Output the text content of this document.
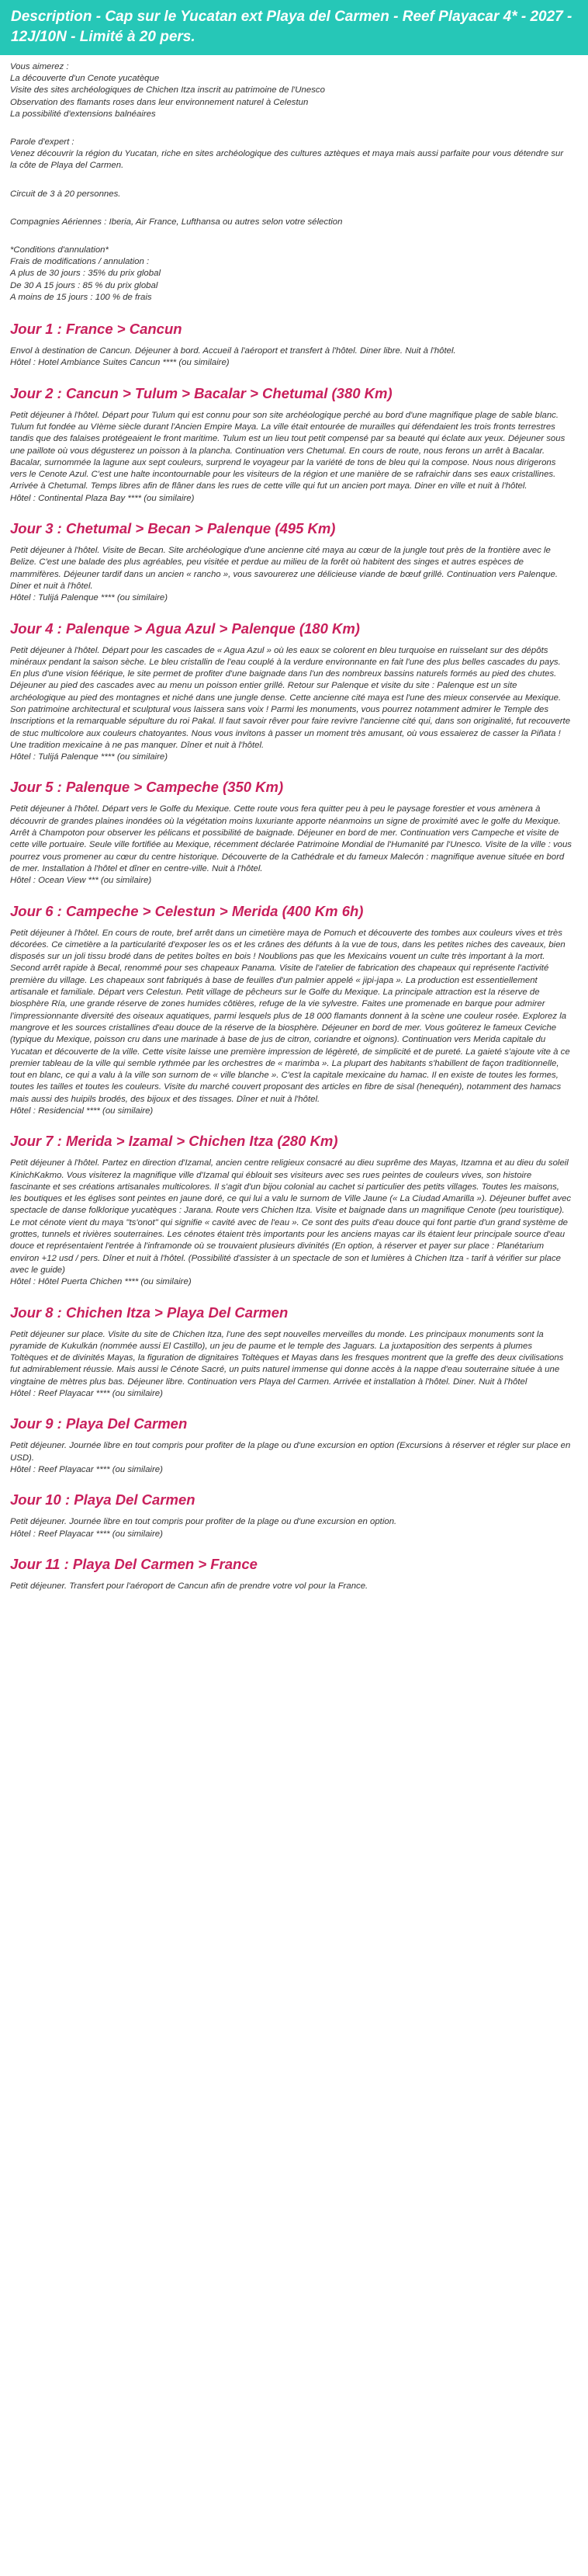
Description - Cap sur le Yucatan ext Playa del Carmen - Reef Playacar 4* - 2027 - 12J/10N - Limité à 20 pers.
Vous aimerez :
La découverte d'un Cenote yucatèque
Visite des sites archéologiques de Chichen Itza inscrit au patrimoine de l'Unesco
Observation des flamants roses dans leur environnement naturel à Celestun
La possibilité d'extensions balnéaires
Parole d'expert :
Venez découvrir la région du Yucatan, riche en sites archéologique des cultures aztèques et maya mais aussi parfaite pour vous détendre sur la côte de Playa del Carmen.
Circuit de 3 à 20 personnes.
Compagnies Aériennes : Iberia, Air France, Lufthansa ou autres selon votre sélection
*Conditions d'annulation*
Frais de modifications / annulation :
A plus de 30 jours : 35% du prix global
De 30 A 15 jours : 85 % du prix global
A moins de 15 jours : 100 % de frais
Jour 1 : France > Cancun

Envol à destination de Cancun. Déjeuner à bord. Accueil à l'aéroport et transfert à l'hôtel. Diner libre. Nuit à l'hôtel.

Hôtel : Hotel Ambiance Suites Cancun **** (ou similaire)

Jour 2 : Cancun > Tulum > Bacalar > Chetumal (380 Km)

Petit déjeuner à l'hôtel. Départ pour Tulum qui est connu pour son site archéologique perché au bord d'une magnifique plage de sable blanc. Tulum fut fondée au VIème siècle durant l'Ancien Empire Maya. La ville était entourée de murailles qui défendaient les trois fronts terrestres tandis que des falaises protégeaient le front maritime. Tulum est un lieu tout petit compensé par sa beauté qui éclate aux yeux. Déjeuner sous une paillote où vous dégusterez un poisson à la plancha. Continuation vers Chetumal. En cours de route, nous ferons un arrêt à Bacalar. Bacalar, surnommée la lagune aux sept couleurs, surprend le voyageur par la variété de tons de bleu qui la compose. Nous nous dirigerons vers le Cenote Azul. C'est une halte incontournable pour les visiteurs de la région et une manière de se rafraichir dans ses eaux cristallines. Arrivée à Chetumal. Temps libres afin de flâner dans les rues de cette ville qui fut un ancien port maya. Diner en ville et nuit à l'hôtel.

Hôtel : Continental Plaza Bay **** (ou similaire)

Jour 3 : Chetumal > Becan > Palenque (495 Km)

Petit déjeuner à l'hôtel. Visite de Becan. Site archéologique d'une ancienne cité maya au cœur de la jungle tout près de la frontière avec le Belize. C'est une balade des plus agréables, peu visitée et perdue au milieu de la forêt où habitent des singes et autres espèces de mammifères. Déjeuner tardif dans un ancien « rancho », vous savourerez une délicieuse viande de bœuf grillé. Continuation vers Palenque. Diner et nuit à l'hôtel.

Hôtel : Tulijá Palenque **** (ou similaire)

Jour 4 : Palenque > Agua Azul > Palenque (180 Km)

Petit déjeuner à l'hôtel. Départ pour les cascades de « Agua Azul » où les eaux se colorent en bleu turquoise en ruisselant sur des dépôts minéraux pendant la saison sèche. Le bleu cristallin de l'eau couplé à la verdure environnante en fait l'une des plus belles cascades du pays. En plus d'une vision féérique, le site permet de profiter d'une baignade dans l'un des nombreux bassins naturels formés au pied des chutes. Déjeuner au pied des cascades avec au menu un poisson entier grillé. Retour sur Palenque et visite du site : Palenque est un site archéologique au pied des montagnes et niché dans une jungle dense. Cette ancienne cité maya est l'une des mieux conservée au Mexique. Son patrimoine architectural et sculptural vous laissera sans voix ! Parmi les monuments, vous pourrez notamment admirer le Temple des Inscriptions et la remarquable sépulture du roi Pakal. Il faut savoir rêver pour faire revivre l'ancienne cité qui, dans son originalité, fut recouverte de stuc multicolore aux couleurs chatoyantes. Nous vous invitons à passer un moment très amusant, où vous essaierez de casser la Piñata ! Une tradition mexicaine à ne pas manquer. Dîner et nuit à l'hôtel.

Hôtel : Tulijá Palenque **** (ou similaire)

Jour 5 : Palenque > Campeche (350 Km)

Petit déjeuner à l'hôtel. Départ vers le Golfe du Mexique. Cette route vous fera quitter peu à peu le paysage forestier et vous amènera à découvrir de grandes plaines inondées où la végétation moins luxuriante apporte néanmoins un signe de proximité avec le golfe du Mexique. Arrêt à Champoton pour observer les pélicans et possibilité de baignade. Déjeuner en bord de mer. Continuation vers Campeche et visite de cette ville portuaire. Seule ville fortifiée au Mexique, récemment déclarée Patrimoine Mondial de l'Humanité par l'Unesco. Visite de la ville : vous pourrez vous promener au cœur du centre historique. Découverte de la Cathédrale et du fameux Malecón : magnifique avenue située en bord de mer. Installation à l'hôtel et dîner en centre-ville. Nuit à l'hôtel.

Hôtel : Ocean View *** (ou similaire)

Jour 6 : Campeche > Celestun > Merida (400 Km 6h)

Petit déjeuner à l'hôtel. En cours de route, bref arrêt dans un cimetière maya de Pomuch et découverte des tombes aux couleurs vives et très décorées. Ce cimetière a la particularité d'exposer les os et les crânes des défunts à la vue de tous, dans les petites niches des caveaux, bien disposés sur un joli tissu brodé dans de petites boîtes en bois ! Noublions pas que les Mexicains vouent un culte très important à la mort. Second arrêt rapide à Becal, renommé pour ses chapeaux Panama. Visite de l'atelier de fabrication des chapeaux qui représente l'activité première du village. Les chapeaux sont fabriqués à base de feuilles d'un palmier appelé « jipi-japa ». La production est essentiellement artisanale et familiale. Départ vers Celestun. Petit village de pêcheurs sur le Golfe du Mexique. La principale attraction est la réserve de biosphère Ría, une grande réserve de zones humides côtières, refuge de la vie sylvestre. Faites une promenade en barque pour admirer l'impressionnante diversité des oiseaux aquatiques, parmi lesquels plus de 18 000 flamants donnent à la scène une couleur rosée. Explorez la mangrove et les sources cristallines d'eau douce de la réserve de la biosphère. Déjeuner en bord de mer. Vous goûterez le fameux Ceviche (typique du Mexique, poisson cru dans une marinade à base de jus de citron, coriandre et oignons). Continuation vers Merida capitale du Yucatan et découverte de la ville. Cette visite laisse une première impression de légèreté, de simplicité et de pureté. La gaieté s'ajoute vite à ce premier tableau de la ville qui semble rythmée par les orchestres de « marimba ». La plupart des habitants s'habillent de façon traditionnelle, tout en blanc, ce qui a valu à la ville son surnom de « ville blanche ». C'est la capitale mexicaine du hamac. Il en existe de toutes les formes, toutes les tailles et toutes les couleurs. Visite du marché couvert proposant des articles en fibre de sisal (henequén), notamment des hamacs mais aussi des huipils brodés, des bijoux et des tissages. Dîner et nuit à l'hôtel.

Hôtel : Residencial **** (ou similaire)

Jour 7 : Merida > Izamal > Chichen Itza (280 Km)

Petit déjeuner à l'hôtel. Partez en direction d'Izamal, ancien centre religieux consacré au dieu suprême des Mayas, Itzamna et au dieu du soleil KinichKakmo. Vous visiterez la magnifique ville d'Izamal qui éblouit ses visiteurs avec ses rues peintes de couleurs vives, son histoire fascinante et ses créations artisanales multicolores. Il s'agit d'un bijou colonial au cachet si particulier des petits villages. Toutes les maisons, les boutiques et les églises sont peintes en jaune doré, ce qui lui a valu le surnom de Ville Jaune (« La Ciudad Amarilla »). Déjeuner buffet avec spectacle de danse folklorique yucatèques : Jarana. Route vers Chichen Itza. Visite et baignade dans un magnifique Cenote (peu touristique). Le mot cénote vient du maya "ts'onot" qui signifie « cavité avec de l'eau ». Ce sont des puits d'eau douce qui font partie d'un grand système de grottes, tunnels et rivières souterraines. Les cénotes étaient très importants pour les anciens mayas car ils étaient leur principale source d'eau douce et représentaient l'entrée à l'inframonde où se trouvaient plusieurs divinités (En option, à réserver et payer sur place : Planétarium environ +12 usd / pers. Dîner et nuit à l'hôtel. (Possibilité d'assister à un spectacle de son et lumières à Chichen Itza - tarif à vérifier sur place avec le guide)

Hôtel : Hôtel Puerta Chichen **** (ou similaire)

Jour 8 : Chichen Itza > Playa Del Carmen

Petit déjeuner sur place. Visite du site de Chichen Itza, l'une des sept nouvelles merveilles du monde. Les principaux monuments sont la pyramide de Kukulkán (nommée aussi El Castillo), un jeu de paume et le temple des Jaguars. La juxtaposition des serpents à plumes Toltèques et de divinités Mayas, la figuration de dignitaires Toltèques et Mayas dans les fresques montrent que la greffe des deux civilisations fut admirablement réussie. Mais aussi le Cénote Sacré, un puits naturel immense qui donne accès à la nappe d'eau souterraine située à une vingtaine de mètres plus bas. Déjeuner libre. Continuation vers Playa del Carmen. Arrivée et installation à l'hôtel. Diner. Nuit à l'hôtel

Hôtel : Reef Playacar **** (ou similaire)

Jour 9 : Playa Del Carmen

Petit déjeuner. Journée libre en tout compris pour profiter de la plage ou d'une excursion en option (Excursions à réserver et régler sur place en USD).

Hôtel : Reef Playacar **** (ou similaire)

Jour 10 : Playa Del Carmen

Petit déjeuner. Journée libre en tout compris pour profiter de la plage ou d'une excursion en option.

Hôtel : Reef Playacar **** (ou similaire)

Jour 11 : Playa Del Carmen > France

Petit déjeuner. Transfert pour l'aéroport de Cancun afin de prendre votre vol pour la France.
